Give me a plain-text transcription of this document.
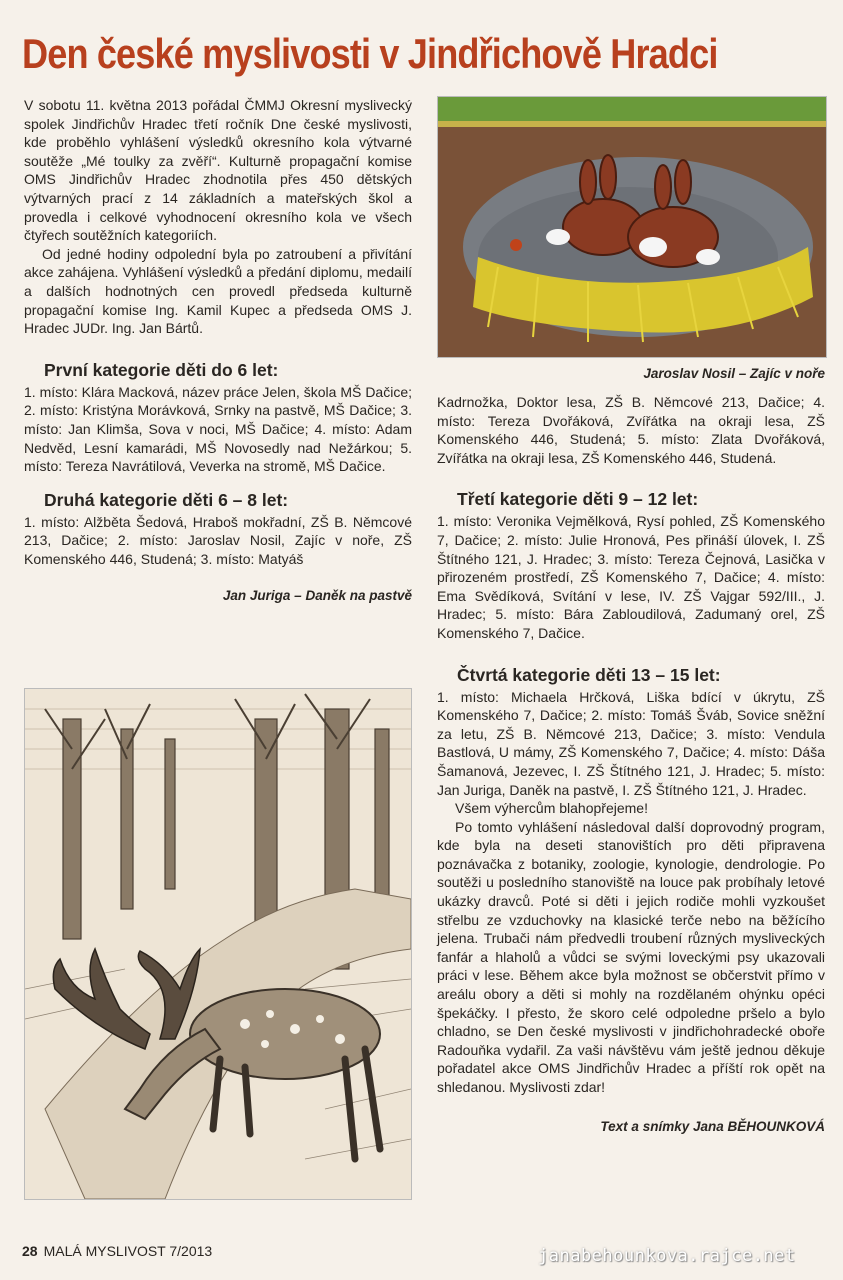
Den české myslivosti v Jindřichově Hradci

V sobotu 11. května 2013 pořádal ČMMJ Okresní myslivecký spolek Jindřichův Hradec třetí ročník Dne české myslivosti, kde proběhlo vyhlášení výsledků okresního kola výtvarné soutěže „Mé toulky za zvěří“. Kulturně propagační komise OMS Jindřichův Hradec zhodnotila přes 450 dětských výtvarných prací z 14 základních a mateřských škol a provedla i celkové vyhodnocení okresního kola ve všech čtyřech soutěžních kategoriích.

Od jedné hodiny odpolední byla po zatroubení a přivítání akce zahájena. Vyhlášení výsledků a předání diplomu, medailí a dalších hodnotných cen provedl předseda kulturně propagační komise Ing. Kamil Kupec a předseda OMS J. Hradec JUDr. Ing. Jan Bártů.

První kategorie děti do 6 let:

1. místo: Klára Macková, název práce Jelen, škola MŠ Dačice; 2. místo: Kristýna Morávková, Srnky na pastvě, MŠ Dačice; 3. místo: Jan Klimša, Sova v noci, MŠ Dačice; 4. místo: Adam Nedvěd, Lesní kamarádi, MŠ Novosedly nad Nežárkou; 5. místo: Tereza Navrátilová, Veverka na stromě, MŠ Dačice.

Druhá kategorie děti 6 – 8 let:

1. místo: Alžběta Šedová, Hraboš mokřadní, ZŠ B. Němcové 213, Dačice; 2. místo: Jaroslav Nosil, Zajíc v noře, ZŠ Komenského 446, Studená; 3. místo: Matyáš

Jan Juriga – Daněk na pastvě

Jaroslav Nosil – Zajíc v noře

Kadrnožka, Doktor lesa, ZŠ B. Němcové 213, Dačice; 4. místo: Tereza Dvořáková, Zvířátka na okraji lesa, ZŠ Komenského 446, Studená; 5. místo: Zlata Dvořáková, Zvířátka na okraji lesa, ZŠ Komenského 446, Studená.

Třetí kategorie děti 9 – 12 let:

1. místo: Veronika Vejmělková, Rysí pohled, ZŠ Komenského 7, Dačice; 2. místo: Julie Hronová, Pes přináší úlovek, I. ZŠ Štítného 121, J. Hradec; 3. místo: Tereza Čejnová, Lasička v přirozeném prostředí, ZŠ Komenského 7, Dačice; 4. místo: Ema Svědíková, Svítání v lese, IV. ZŠ Vajgar 592/III., J. Hradec; 5. místo: Bára Zabloudilová, Zadumaný orel, ZŠ Komenského 7, Dačice.

Čtvrtá kategorie děti 13 – 15 let:

1. místo: Michaela Hrčková, Liška bdící v úkrytu, ZŠ Komenského 7, Dačice; 2. místo: Tomáš Šváb, Sovice sněžní za letu, ZŠ B. Němcové 213, Dačice; 3. místo: Vendula Bastlová, U mámy, ZŠ Komenského 7, Dačice; 4. místo: Dáša Šamanová, Jezevec, I. ZŠ Štítného 121, J. Hradec; 5. místo: Jan Juriga, Daněk na pastvě, I. ZŠ Štítného 121, J. Hradec.

Všem výhercům blahopřejeme!

Po tomto vyhlášení následoval další doprovodný program, kde byla na deseti stanovištích pro děti připravena poznávačka z botaniky, zoologie, kynologie, dendrologie. Po soutěži u posledního stanoviště na louce pak probíhaly letové ukázky dravců. Poté si děti i jejich rodiče mohli vyzkoušet střelbu ze vzduchovky na klasické terče nebo na běžícího jelena. Trubači nám předvedli troubení různých mysliveckých fanfár a hlaholů a vůdci se svými loveckými psy ukazovali práci v lese. Během akce byla možnost se občerstvit přímo v areálu obory a děti si mohly na rozdělaném ohýnku opéci špekáčky. I přesto, že skoro celé odpoledne pršelo a bylo chladno, se Den české myslivosti v jindřichohradecké oboře Radouňka vydařil. Za vaši návštěvu vám ještě jednou děkuje pořadatel akce OMS Jindřichův Hradec a příští rok opět na shledanou. Myslivosti zdar!

Text a snímky Jana BĚHOUNKOVÁ

28 MALÁ MYSLIVOST 7/2013	janabehounkova.rajce.net
